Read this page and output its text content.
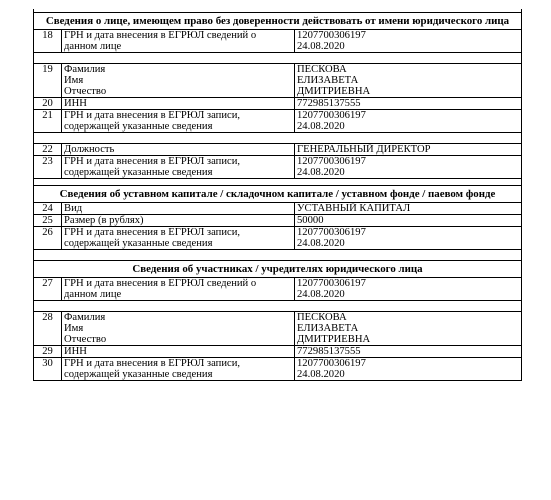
Сведения о лице, имеющем право без доверенности действовать от имени юридического лица		
18	ГРН и дата внесения в ЕГРЮЛ сведений о данном лице	1207700306197
24.08.2020

19	Фамилия
Имя
Отчество	ПЕСКОВА
ЕЛИЗАВЕТА
ДМИТРИЕВНА
20	ИНН	772985137555
21	ГРН и дата внесения в ЕГРЮЛ записи, содержащей указанные сведения	1207700306197
24.08.2020

22	Должность	ГЕНЕРАЛЬНЫЙ ДИРЕКТОР
23	ГРН и дата внесения в ЕГРЮЛ записи, содержащей указанные сведения	1207700306197
24.08.2020

Сведения об уставном капитале / складочном капитале / уставном фонде / паевом фонде		
24	Вид	УСТАВНЫЙ КАПИТАЛ
25	Размер (в рублях)	50000
26	ГРН и дата внесения в ЕГРЮЛ записи, содержащей указанные сведения	1207700306197
24.08.2020

Сведения об участниках / учредителях юридического лица		
27	ГРН и дата внесения в ЕГРЮЛ сведений о данном лице	1207700306197
24.08.2020

28	Фамилия
Имя
Отчество	ПЕСКОВА
ЕЛИЗАВЕТА
ДМИТРИЕВНА
29	ИНН	772985137555
30	ГРН и дата внесения в ЕГРЮЛ записи, содержащей указанные сведения	1207700306197
24.08.2020
